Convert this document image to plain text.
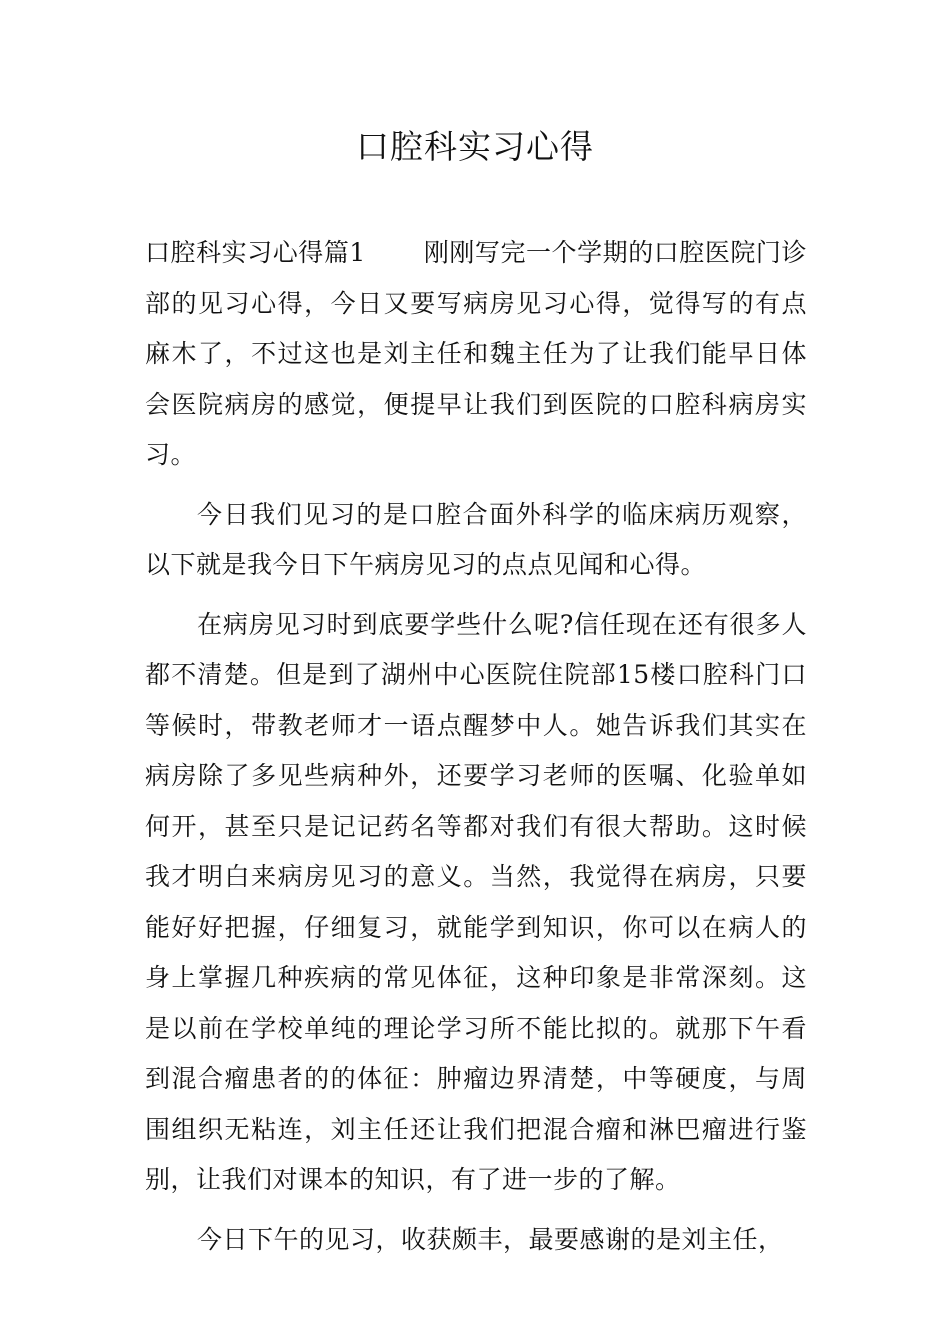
口腔科实习心得

口腔科实习心得篇1 刚刚写完一个学期的口腔医院门诊部的见习心得，今日又要写病房见习心得，觉得写的有点麻木了，不过这也是刘主任和魏主任为了让我们能早日体会医院病房的感觉，便提早让我们到医院的口腔科病房实习。

今日我们见习的是口腔合面外科学的临床病历观察，以下就是我今日下午病房见习的点点见闻和心得。

在病房见习时到底要学些什么呢?信任现在还有很多人都不清楚。但是到了湖州中心医院住院部15楼口腔科门口等候时，带教老师才一语点醒梦中人。她告诉我们其实在病房除了多见些病种外，还要学习老师的医嘱、化验单如何开，甚至只是记记药名等都对我们有很大帮助。这时候我才明白来病房见习的意义。当然，我觉得在病房，只要能好好把握，仔细复习，就能学到知识，你可以在病人的身上掌握几种疾病的常见体征，这种印象是非常深刻。这是以前在学校单纯的理论学习所不能比拟的。就那下午看到混合瘤患者的的体征：肿瘤边界清楚，中等硬度，与周围组织无粘连，刘主任还让我们把混合瘤和淋巴瘤进行鉴别，让我们对课本的知识，有了进一步的了解。

今日下午的见习，收获颇丰，最要感谢的是刘主任，
